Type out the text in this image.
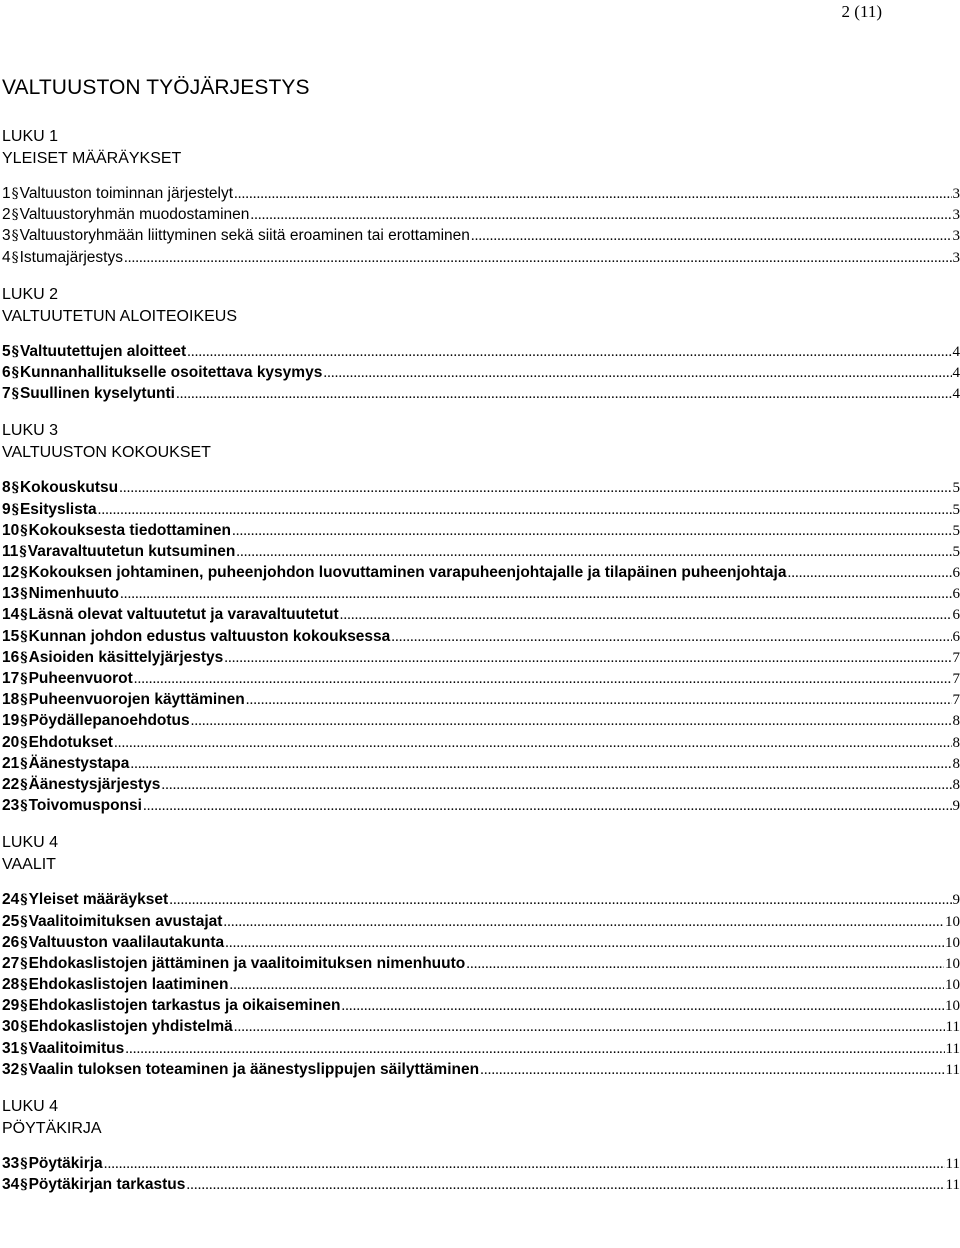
2 (11)
VALTUUSTON TYÖJÄRJESTYS
LUKU 1
YLEISET MÄÄRÄYKSET
1§Valtuuston toiminnan järjestelyt .....	3
2§Valtuustoryhmän muodostaminen .....	3
3§Valtuustoryhmään liittyminen sekä siitä eroaminen tai erottaminen .....	3
4§Istumajärjestys .....	3
LUKU 2
VALTUUTETUN ALOITEOIKEUS
5§Valtuutettujen aloitteet .....	4
6§Kunnanhallitukselle osoitettava kysymys .....	4
7§Suullinen kyselytunti .....	4
LUKU 3
VALTUUSTON KOKOUKSET
8§Kokouskutsu .....	5
9§Esityslista .....	5
10§Kokouksesta tiedottaminen .....	5
11§Varavaltuutetun kutsuminen .....	5
12§Kokouksen johtaminen, puheenjohdon luovuttaminen varapuheenjohtajalle ja tilapäinen puheenjohtaja .....	6
13§Nimenhuuto .....	6
14§Läsnä olevat valtuutetut ja varavaltuutetut .....	6
15§Kunnan johdon edustus valtuuston kokouksessa .....	6
16§Asioiden käsittelyjärjestys .....	7
17§Puheenvuorot .....	7
18§Puheenvuorojen käyttäminen .....	7
19§Pöydällepanoehdotus .....	8
20§Ehdotukset .....	8
21§Äänestystapa .....	8
22§Äänestysjärjestys .....	8
23§Toivomusponsi .....	9
LUKU 4
VAALIT
24§Yleiset määräykset .....	9
25§Vaalitoimituksen avustajat .....	10
26§Valtuuston vaalilautakunta .....	10
27§Ehdokaslistojen jättäminen ja vaalitoimituksen nimenhuuto .....	10
28§Ehdokaslistojen laatiminen .....	10
29§Ehdokaslistojen tarkastus ja oikaiseminen .....	10
30§Ehdokaslistojen yhdistelmä .....	11
31§Vaalitoimitus .....	11
32§Vaalin tuloksen toteaminen ja äänestyslippujen säilyttäminen .....	11
LUKU 4
PÖYTÄKIRJA
33§Pöytäkirja .....	11
34§Pöytäkirjan tarkastus .....	11
